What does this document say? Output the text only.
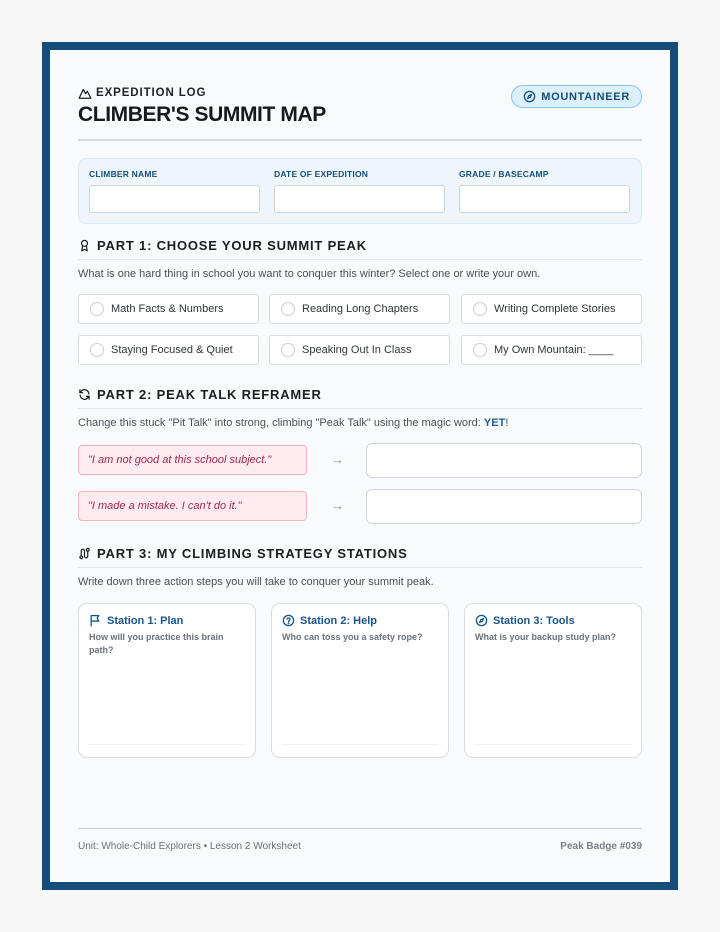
EXPEDITION LOG
CLIMBER'S SUMMIT MAP
MOUNTAINEER
CLIMBER NAME	DATE OF EXPEDITION	GRADE / BASECAMP
PART 1: CHOOSE YOUR SUMMIT PEAK
What is one hard thing in school you want to conquer this winter? Select one or write your own.
Math Facts & Numbers	Reading Long Chapters	Writing Complete Stories
Staying Focused & Quiet	Speaking Out In Class	My Own Mountain: ____
PART 2: PEAK TALK REFRAMER
Change this stuck "Pit Talk" into strong, climbing "Peak Talk" using the magic word: YET!
"I am not good at this school subject."	→
"I made a mistake. I can't do it."	→
PART 3: MY CLIMBING STRATEGY STATIONS
Write down three action steps you will take to conquer your summit peak.
Station 1: Plan
How will you practice this brain path?
Station 2: Help
Who can toss you a safety rope?
Station 3: Tools
What is your backup study plan?
Unit: Whole-Child Explorers • Lesson 2 Worksheet	Peak Badge #039
